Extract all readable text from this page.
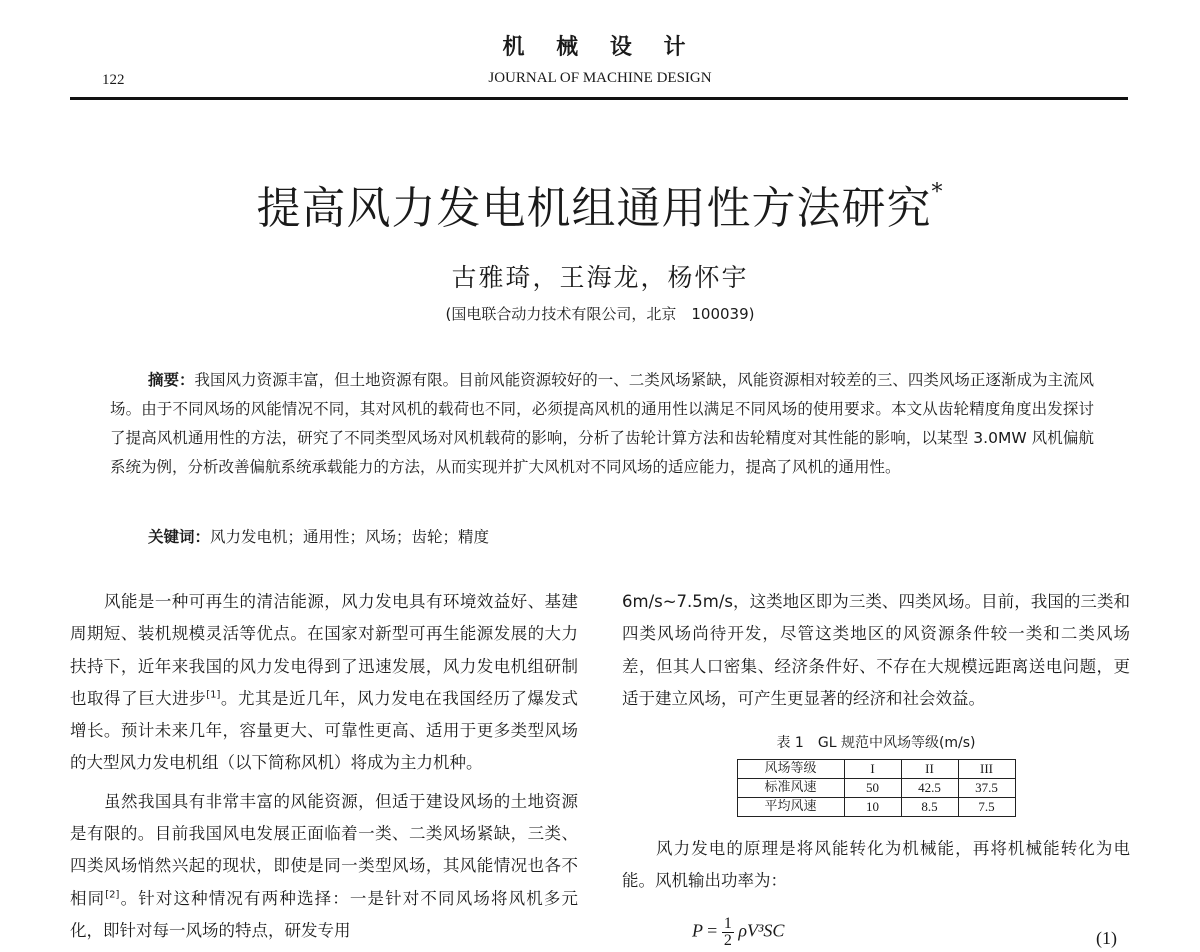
机 械 设 计
122	JOURNAL OF MACHINE DESIGN
提高风力发电机组通用性方法研究*
古雅琦，王海龙，杨怀宇
(国电联合动力技术有限公司，北京　100039)
摘要：我国风力资源丰富，但土地资源有限。目前风能资源较好的一、二类风场紧缺，风能资源相对较差的三、四类风场正逐渐成为主流风场。由于不同风场的风能情况不同，其对风机的载荷也不同，必须提高风机的通用性以满足不同风场的使用要求。本文从齿轮精度角度出发探讨了提高风机通用性的方法，研究了不同类型风场对风机载荷的影响，分析了齿轮计算方法和齿轮精度对其性能的影响，以某型 3.0MW 风机偏航系统为例，分析改善偏航系统承载能力的方法，从而实现并扩大风机对不同风场的适应能力，提高了风机的通用性。
关键词：风力发电机；通用性；风场；齿轮；精度

风能是一种可再生的清洁能源，风力发电具有环境效益好、基建周期短、装机规模灵活等优点。在国家对新型可再生能源发展的大力扶持下，近年来我国的风力发电得到了迅速发展，风力发电机组研制也取得了巨大进步[1]。尤其是近几年，风力发电在我国经历了爆发式增长。预计未来几年，容量更大、可靠性更高、适用于更多类型风场的大型风力发电机组（以下简称风机）将成为主力机种。

虽然我国具有非常丰富的风能资源，但适于建设风场的土地资源是有限的。目前我国风电发展正面临着一类、二类风场紧缺，三类、四类风场悄然兴起的现状，即使是同一类型风场，其风能情况也各不相同[2]。针对这种情况有两种选择：一是针对不同风场将风机多元化，即针对每一风场的特点，研发专用

6m/s~7.5m/s，这类地区即为三类、四类风场。目前，我国的三类和四类风场尚待开发，尽管这类地区的风资源条件较一类和二类风场差，但其人口密集、经济条件好、不存在大规模远距离送电问题，更适于建立风场，可产生更显著的经济和社会效益。

表 1　GL 规范中风场等级(m/s)
风场等级	I	II	III
标准风速	50	42.5	37.5
平均风速	10	8.5	7.5

风力发电的原理是将风能转化为机械能，再将机械能转化为电能。风机输出功率为：

$P = \frac{1}{2} \rho V^3SC$	(1)
